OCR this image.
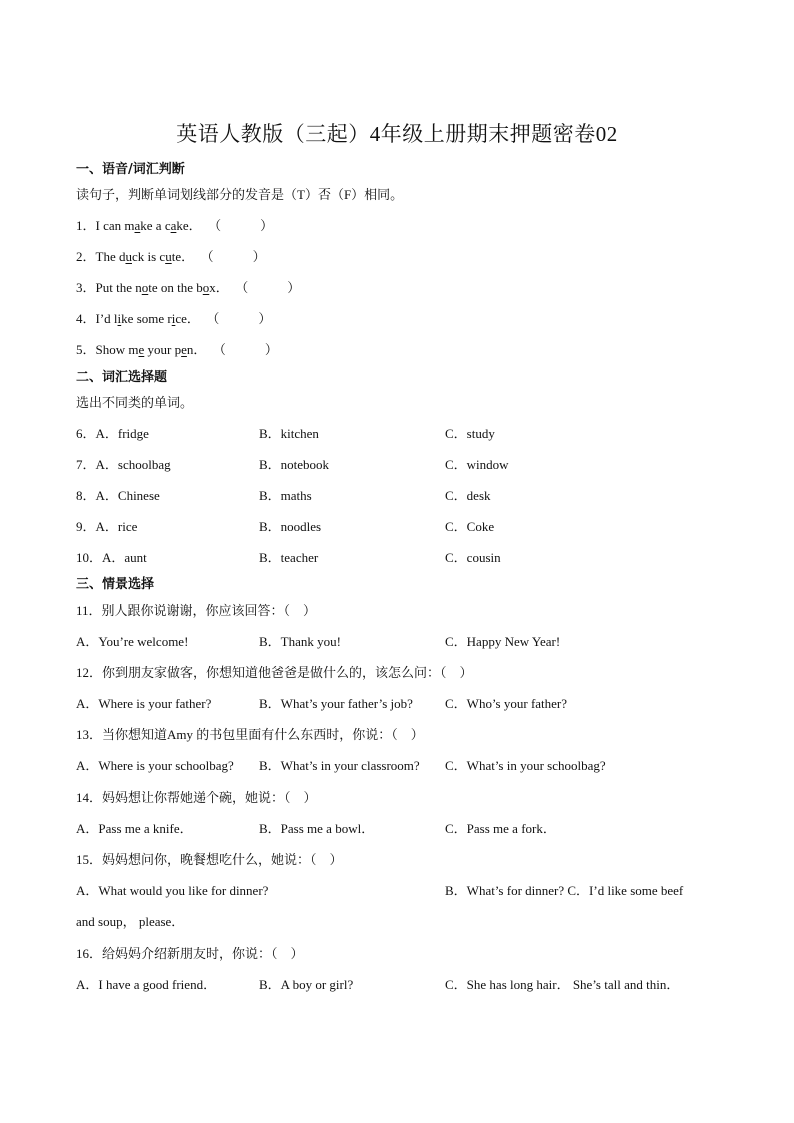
英语人教版（三起）4年级上册期末押题密卷02
一、语音/词汇判断
读句子，判断单词划线部分的发音是（T）否（F）相同。
1．I can make a cake． （　　　）
2．The duck is cute． （　　　）
3．Put the note on the box． （　　　）
4．I’d like some rice． （　　　）
5．Show me your pen． （　　　）
二、词汇选择题
选出不同类的单词。
6．A．fridge	B．kitchen	C．study
7．A．schoolbag	B．notebook	C．window
8．A．Chinese	B．maths	C．desk
9．A．rice	B．noodles	C．Coke
10．A．aunt	B．teacher	C．cousin
三、情景选择
11．别人跟你说谢谢，你应该回答：（　）
A．You’re welcome!	B．Thank you!	C．Happy New Year!
12．你到朋友家做客，你想知道他爸爸是做什么的，该怎么问：（　）
A．Where is your father?	B．What’s your father’s job? C．Who’s your father?
13．当你想知道Amy 的书包里面有什么东西时，你说：（　）
A．Where is your schoolbag? B．What’s in your classroom? C．What’s in your schoolbag?
14．妈妈想让你帮她递个碗，她说：（　）
A．Pass me a knife．	B．Pass me a bowl．	C．Pass me a fork．
15．妈妈想问你，晚餐想吃什么，她说：（　）
A．What would you like for dinner?	B．What’s for dinner? C．I’d like some beef
and soup， please．
16．给妈妈介绍新朋友时，你说：（　）
A．I have a good friend．	B．A boy or girl?	C．She has long hair． She’s tall and thin．
